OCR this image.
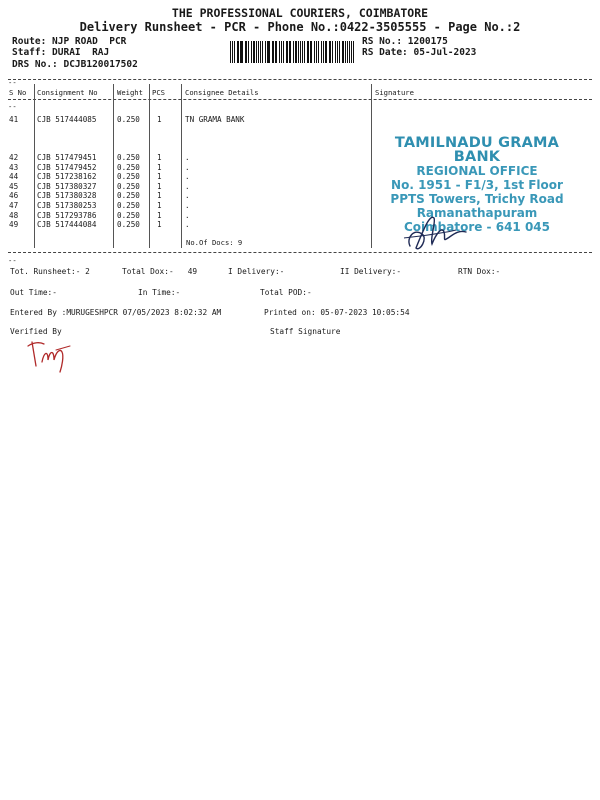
THE PROFESSIONAL COURIERS, COIMBATORE
Delivery Runsheet - PCR - Phone No.:0422-3505555 - Page No.:2
Route: NJP ROAD  PCR
Staff: DURAI  RAJ
DRS No.: DCJB120017502
RS No.: 1200175
RS Date: 05-Jul-2023
--
S No Consignment No	Weight PCS	Consignee Details	Signature
--
41 CJB 517444085	0.250 1	TN GRAMA BANK
42 CJB 517479451	0.250 1	.
43 CJB 517479452	0.250 1	.
44 CJB 517238162	0.250 1	.
45 CJB 517380327	0.250 1	.
46 CJB 517380328	0.250 1	.
47 CJB 517380253	0.250 1	.
48 CJB 517293786	0.250 1	.
49 CJB 517444084	0.250 1	.
No.Of Docs: 9
TAMILNADU GRAMA BANK
REGIONAL OFFICE
No. 1951 - F1/3, 1st Floor
PPTS Towers, Trichy Road
Ramanathapuram
Coimbatore - 641 045
--
Tot. Runsheet:- 2	Total Dox:-   49	I Delivery:-	II Delivery:-	RTN Dox:-
Out Time:-	In Time:-	Total POD:-
Entered By :MURUGESHPCR 07/05/2023 8:02:32 AM	Printed on: 05-07-2023 10:05:54
Verified By	Staff Signature
